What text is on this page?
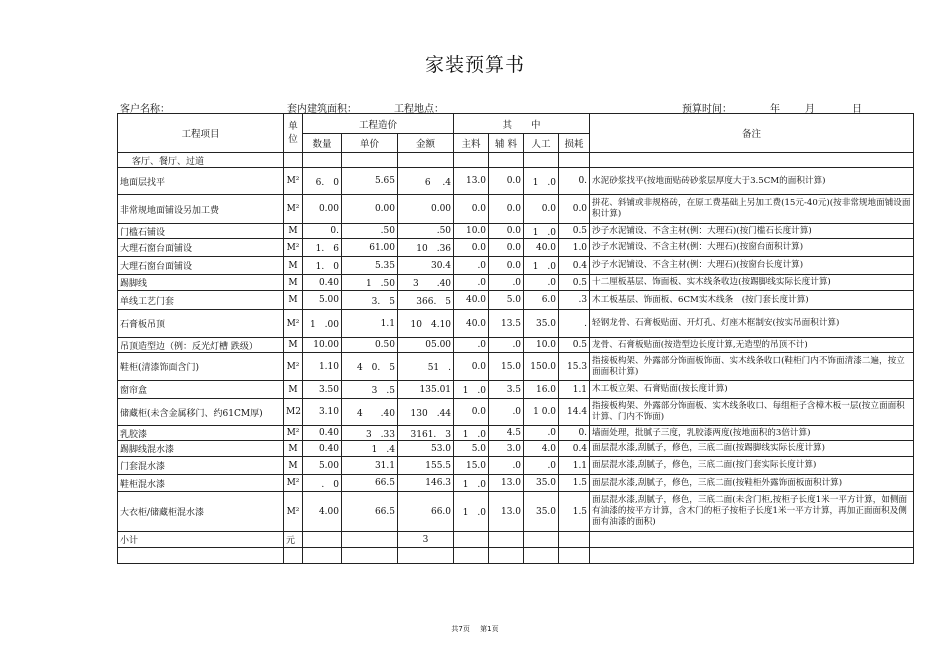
家装预算书
客户名称：	套内建筑面积：	工程地点：	预算时间：	年	月	日
工程项目	单位	工程造价			其　　中				备注
		数量	单价	金额	主料	辅 料	人工	损耗	
客厅、餐厅、过道									
地面层找平	M²	6.　0	5.65	6　 .4	13.0	0.0	1　.0	0.	水泥砂浆找平(按地面贴砖砂浆层厚度大于3.5CM的面积计算)
非常规地面铺设另加工费	M²	0.00	0.00	0.00	0.0	0.0	0.0	0.0	拼花、斜铺或非规格砖，在原工费基础上另加工费(15元-40元)(按非常规地面铺设面积计算)
门槛石铺设	M	0.	.50	.50	10.0	0.0	1　.0	0.5	沙子水泥铺设、不含主材(例：大理石)(按门槛石长度计算)
大理石窗台面铺设	M²	1.　6	61.00	10　.36	0.0	0.0	40.0	1.0	沙子水泥铺设、不含主材(例：大理石)(按窗台面积计算)
大理石窗台面铺设	M	1.　0	5.35	30.4	.0	0.0	1　.0	0.4	沙子水泥铺设、不含主材(例：大理石)(按窗台长度计算)
踢脚线	M	0.40	1　.50	3　　.40	.0	.0	.0	0.5	十二厘板基层、饰面板、实木线条收边(按踢脚线实际长度计算)
单线工艺门套	M	5.00	3.　5	366.　5	40.0	5.0	6.0	.3	木工板基层、饰面板、6CM实木线条　(按门套长度计算)
石膏板吊顶	M²	1　.00	1.1	10　4.10	40.0	13.5	35.0	.	轻钢龙骨、石膏板贴面、开灯孔、灯座木框制安(按实吊面积计算)
吊顶造型边（例：反光灯槽 跌级）	M	10.00	0.50	05.00	.0	.0	10.0	0.5	龙骨、石膏板贴面(按造型边长度计算,无造型的吊顶不计)
鞋柜(清漆饰面含门)	M²	1.10	4　0.　5	51　.	0.0	15.0	150.0	15.3	指接板构架、外露部分饰面板饰面、实木线条收口(鞋柜门内不饰面清漆二遍，按立面面积计算)
窗帘盒	M	3.50	3　.5	135.01	1　.0	3.5	16.0	1.1	木工板立架、石膏贴面(按长度计算)
储藏柜(未含金属移门、约61CM厚)	M2	3.10	4　　.40	130　.44	0.0	.0	1 0.0	14.4	指接板构架、外露部分饰面板、实木线条收口、每组柜子含樟木板一层(按立面面积计算、门内不饰面)
乳胶漆	M²	0.40	3　.33	3161.　3	1　.0	4.5	.0	0.	墙面处理，批腻子三度，乳胶漆两度(按地面积的3倍计算)
踢脚线混水漆	M	0.40	1　.4	53.0	5.0	3.0	4.0	0.4	面层混水漆,刮腻子，修色，三底二面(按踢脚线实际长度计算)
门套混水漆	M	5.00	31.1	155.5	15.0	.0	.0	1.1	面层混水漆,刮腻子，修色，三底二面(按门套实际长度计算)
鞋柜混水漆	M²	.　0	66.5	146.3	1　.0	13.0	35.0	1.5	面层混水漆,刮腻子，修色，三底二面(按鞋柜外露饰面板面积计算)
大衣柜/储藏柜混水漆	M²	4.00	66.5	66.0	1　.0	13.0	35.0	1.5	面层混水漆,刮腻子，修色，三底二面(未含门柜,按柜子长度1米一平方计算，如侧面有油漆的按平方计算，含木门的柜子按柜子长度1米一平方计算，再加正面面积及侧面有油漆的面积)
小计	元			3					

共7页 第1页
